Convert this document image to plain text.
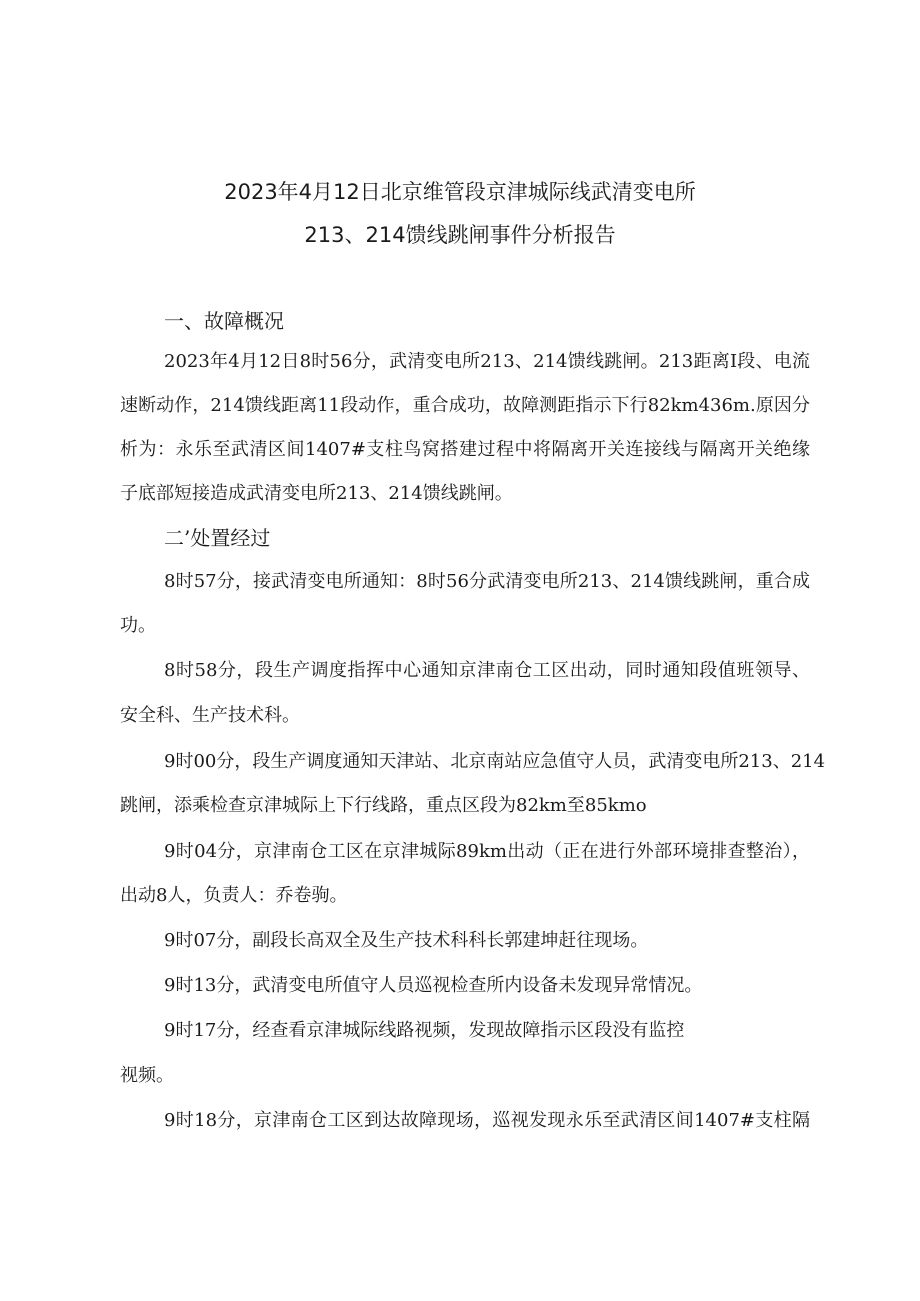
2023年4月12日北京维管段京津城际线武清变电所
213、214馈线跳闸事件分析报告
一、故障概况
2023年4月12日8时56分，武清变电所213、214馈线跳闸。213距离I段、电流
速断动作，214馈线距离11段动作，重合成功，故障测距指示下行82km436m.原因分
析为：永乐至武清区间1407#支柱鸟窝搭建过程中将隔离开关连接线与隔离开关绝缘
子底部短接造成武清变电所213、214馈线跳闸。
二’处置经过
8时57分，接武清变电所通知：8时56分武清变电所213、214馈线跳闸，重合成
功。
8时58分，段生产调度指挥中心通知京津南仓工区出动，同时通知段值班领导、
安全科、生产技术科。
9时00分，段生产调度通知天津站、北京南站应急值守人员，武清变电所213、214
跳闸，添乘检查京津城际上下行线路，重点区段为82km至85kmo
9时04分，京津南仓工区在京津城际89km出动（正在进行外部环境排查整治），
出动8人，负责人：乔卷驹。
9时07分，副段长高双全及生产技术科科长郭建坤赶往现场。
9时13分，武清变电所值守人员巡视检查所内设备未发现异常情况。
9时17分，经查看京津城际线路视频，发现故障指示区段没有监控
视频。
9时18分，京津南仓工区到达故障现场，巡视发现永乐至武清区间1407#支柱隔
